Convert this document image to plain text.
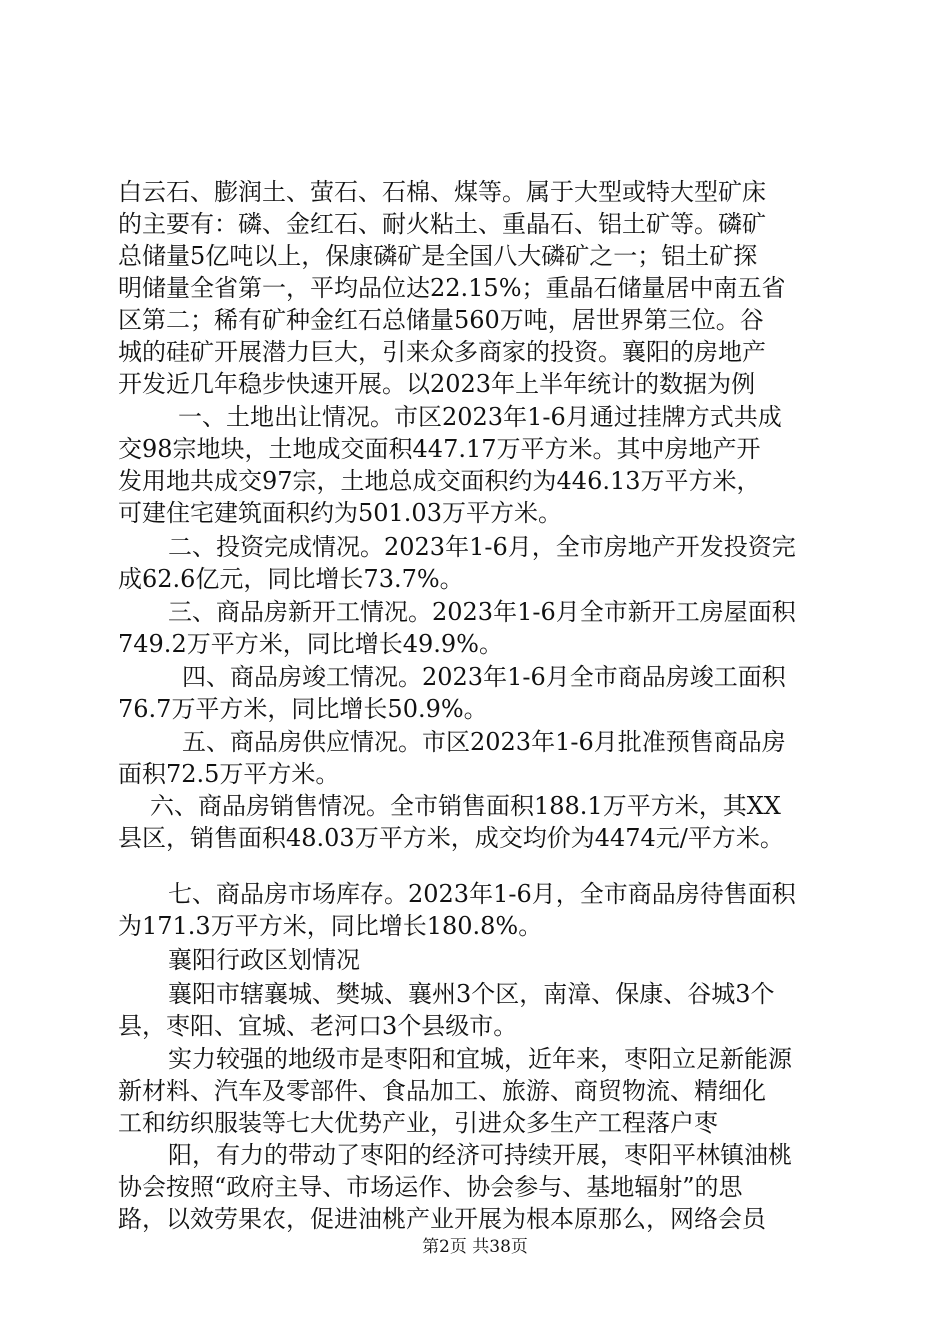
白云石、膨润土、萤石、石棉、煤等。属于大型或特大型矿床
的主要有：磷、金红石、耐火粘土、重晶石、铝土矿等。磷矿
总储量5亿吨以上，保康磷矿是全国八大磷矿之一；铝土矿探
明储量全省第一，平均品位达22.15%；重晶石储量居中南五省
区第二；稀有矿种金红石总储量560万吨，居世界第三位。谷
城的硅矿开展潜力巨大，引来众多商家的投资。襄阳的房地产
开发近几年稳步快速开展。以2023年上半年统计的数据为例
一、土地出让情况。市区2023年1-6月通过挂牌方式共成
交98宗地块，土地成交面积447.17万平方米。其中房地产开
发用地共成交97宗，土地总成交面积约为446.13万平方米，
可建住宅建筑面积约为501.03万平方米。
二、投资完成情况。2023年1-6月，全市房地产开发投资完
成62.6亿元，同比增长73.7%。
三、商品房新开工情况。2023年1-6月全市新开工房屋面积
749.2万平方米，同比增长49.9%。
四、商品房竣工情况。2023年1-6月全市商品房竣工面积
76.7万平方米，同比增长50.9%。
五、商品房供应情况。市区2023年1-6月批准预售商品房
面积72.5万平方米。
六、商品房销售情况。全市销售面积188.1万平方米，其XX
县区，销售面积48.03万平方米，成交均价为4474元/平方米。
七、商品房市场库存。2023年1-6月，全市商品房待售面积
为171.3万平方米，同比增长180.8%。
襄阳行政区划情况
襄阳市辖襄城、樊城、襄州3个区，南漳、保康、谷城3个
县，枣阳、宜城、老河口3个县级市。
实力较强的地级市是枣阳和宜城，近年来，枣阳立足新能源
新材料、汽车及零部件、食品加工、旅游、商贸物流、精细化
工和纺织服装等七大优势产业，引进众多生产工程落户枣
阳，有力的带动了枣阳的经济可持续开展，枣阳平林镇油桃
协会按照“政府主导、市场运作、协会参与、基地辐射”的思
路，以效劳果农，促进油桃产业开展为根本原那么，网络会员
第2页 共38页
